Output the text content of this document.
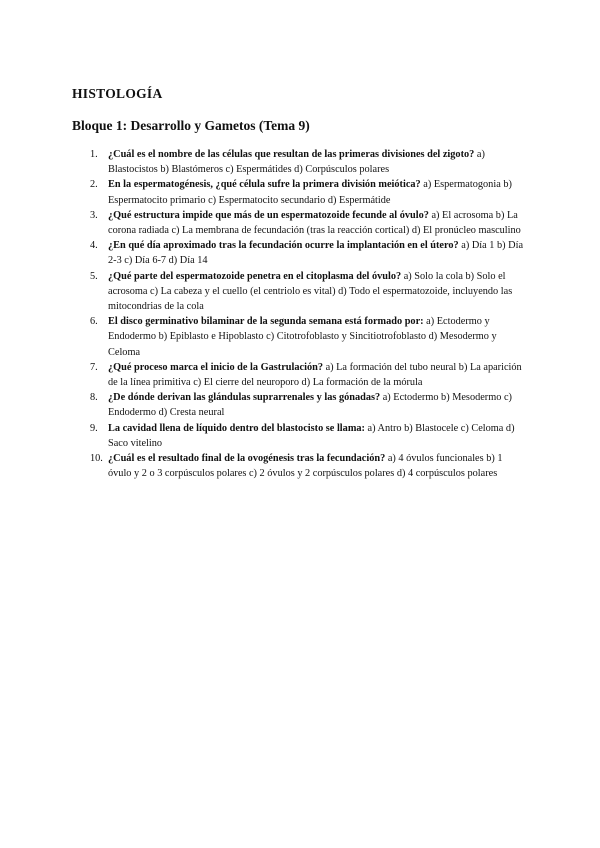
HISTOLOGÍA
Bloque 1: Desarrollo y Gametos (Tema 9)
1. ¿Cuál es el nombre de las células que resultan de las primeras divisiones del zigoto? a) Blastocistos b) Blastómeros c) Espermátides d) Corpúsculos polares
2. En la espermatogénesis, ¿qué célula sufre la primera división meiótica? a) Espermatogonia b) Espermatocito primario c) Espermatocito secundario d) Espermátide
3. ¿Qué estructura impide que más de un espermatozoide fecunde al óvulo? a) El acrosoma b) La corona radiada c) La membrana de fecundación (tras la reacción cortical) d) El pronúcleo masculino
4. ¿En qué día aproximado tras la fecundación ocurre la implantación en el útero? a) Día 1 b) Día 2-3 c) Día 6-7 d) Día 14
5. ¿Qué parte del espermatozoide penetra en el citoplasma del óvulo? a) Solo la cola b) Solo el acrosoma c) La cabeza y el cuello (el centriolo es vital) d) Todo el espermatozoide, incluyendo las mitocondrias de la cola
6. El disco germinativo bilaminar de la segunda semana está formado por: a) Ectodermo y Endodermo b) Epiblasto e Hipoblasto c) Citotrofoblasto y Sincitiotrofoblasto d) Mesodermo y Celoma
7. ¿Qué proceso marca el inicio de la Gastrulación? a) La formación del tubo neural b) La aparición de la línea primitiva c) El cierre del neuroporo d) La formación de la mórula
8. ¿De dónde derivan las glándulas suprarrenales y las gónadas? a) Ectodermo b) Mesodermo c) Endodermo d) Cresta neural
9. La cavidad llena de líquido dentro del blastocisto se llama: a) Antro b) Blastocele c) Celoma d) Saco vitelino
10. ¿Cuál es el resultado final de la ovogénesis tras la fecundación? a) 4 óvulos funcionales b) 1 óvulo y 2 o 3 corpúsculos polares c) 2 óvulos y 2 corpúsculos polares d) 4 corpúsculos polares
